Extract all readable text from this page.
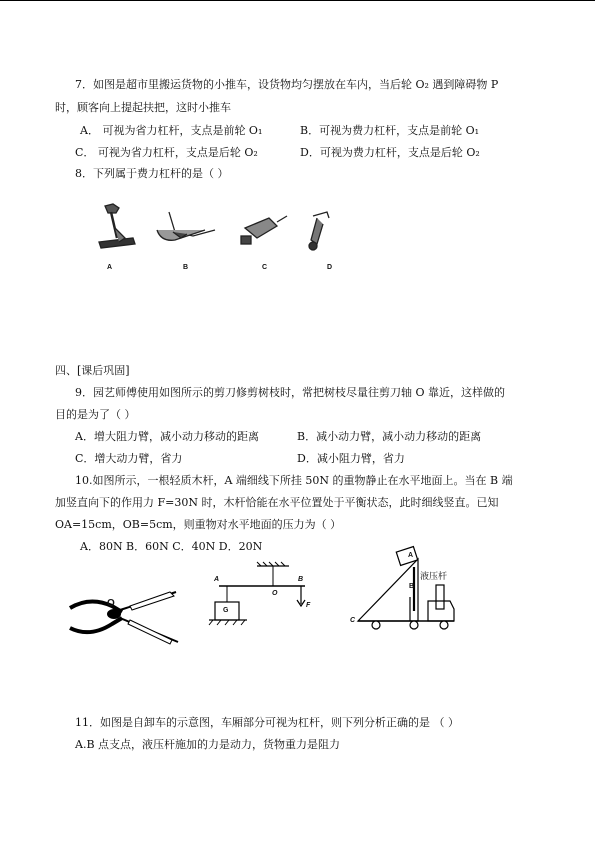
7．如图是超市里搬运货物的小推车，设货物均匀摆放在车内，当后轮 O₂ 遇到障碍物 P
时，顾客向上提起扶把，这时小推车
A． 可视为省力杠杆，支点是前轮 O₁	B．可视为费力杠杆，支点是前轮 O₁
C． 可视为省力杠杆，支点是后轮 O₂	D．可视为费力杠杆，支点是后轮 O₂
8．下列属于费力杠杆的是（ ）
A	B	C	D
四、[课后巩固]
9．园艺师傅使用如图所示的剪刀修剪树枝时，常把树枝尽量往剪刀轴 O 靠近，这样做的
目的是为了（ ）
A．增大阻力臂，减小动力移动的距离	B．减小动力臂，减小动力移动的距离
C．增大动力臂，省力	D．减小阻力臂，省力
10.如图所示，一根轻质木杆，A 端细线下所挂 50N 的重物静止在水平地面上。当在 B 端
加竖直向下的作用力 F=30N 时，木杆恰能在水平位置处于平衡状态，此时细线竖直。已知
OA=15cm，OB=5cm，则重物对水平地面的压力为（ ）
A．80N B．60N C．40N D．20N
O
A
O
B
F
G
A
B
C
液压杆
11．如图是自卸车的示意图，车厢部分可视为杠杆，则下列分析正确的是 （ ）
A.B 点支点，液压杆施加的力是动力，货物重力是阻力
